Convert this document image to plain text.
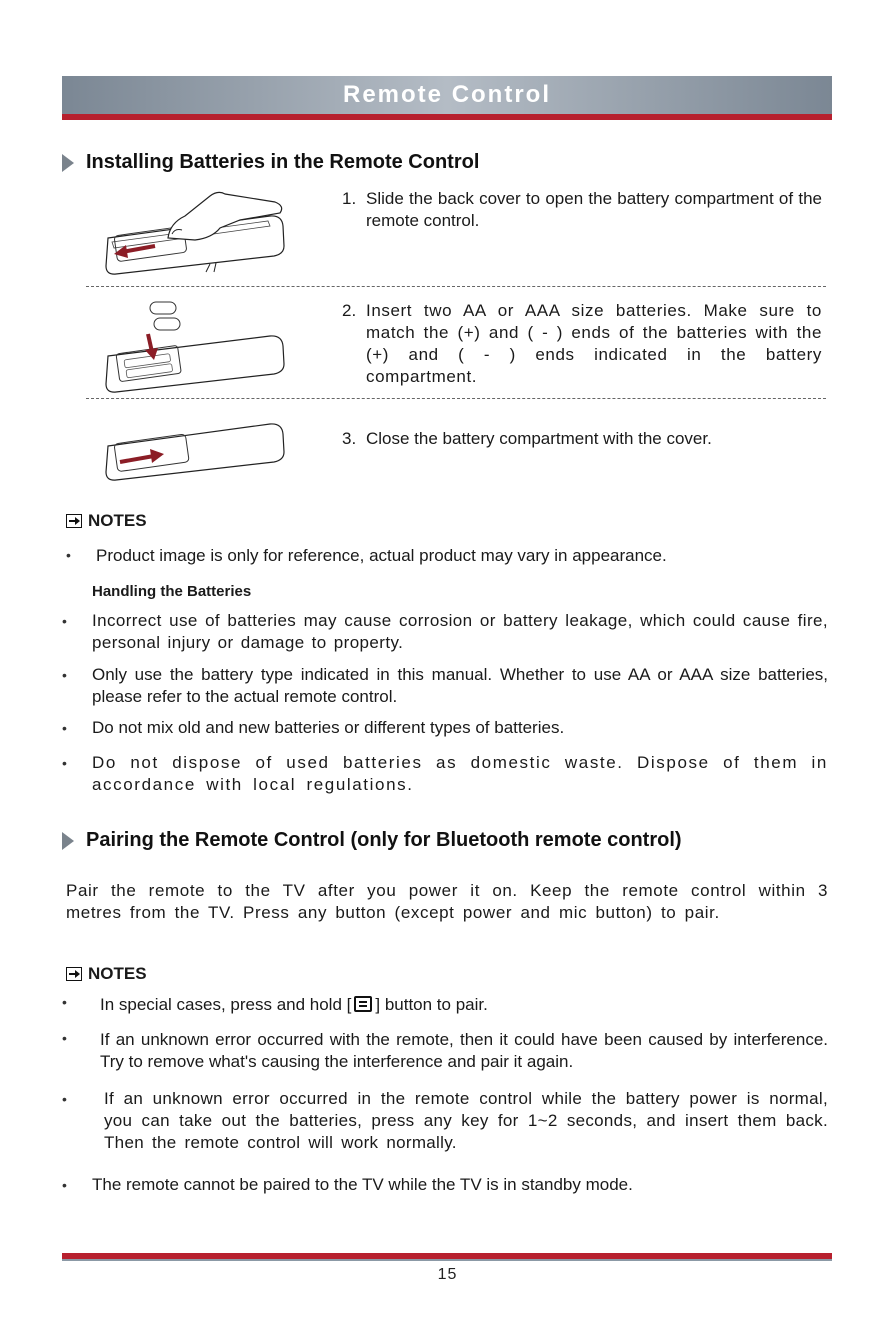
Remote Control
Installing Batteries in the Remote Control
1. Slide the back cover to open the battery compartment of the remote control.
2. Insert two AA or AAA size batteries. Make sure to match the (+) and ( - ) ends of the batteries with the (+) and ( - ) ends indicated in the battery compartment.
3. Close the battery compartment with the cover.
NOTES
• Product image is only for reference, actual product may vary in appearance.
Handling the Batteries
• Incorrect use of batteries may cause corrosion or battery leakage, which could cause fire, personal injury or damage to property.
• Only use the battery type indicated in this manual. Whether to use AA or AAA size batteries, please refer to the actual remote control.
• Do not mix old and new batteries or different types of batteries.
• Do not dispose of used batteries as domestic waste. Dispose of them in accordance with local regulations.
Pairing the Remote Control (only for Bluetooth remote control)
Pair the remote to the TV after you power it on. Keep the remote control within 3 metres from the TV. Press any button (except power and mic button) to pair.
NOTES
• In special cases, press and hold [ ] button to pair.
• If an unknown error occurred with the remote, then it could have been caused by interference. Try to remove what's causing the interference and pair it again.
• If an unknown error occurred in the remote control while the battery power is normal, you can take out the batteries, press any key for 1~2 seconds, and insert them back. Then the remote control will work normally.
• The remote cannot be paired to the TV while the TV is in standby mode.
15
